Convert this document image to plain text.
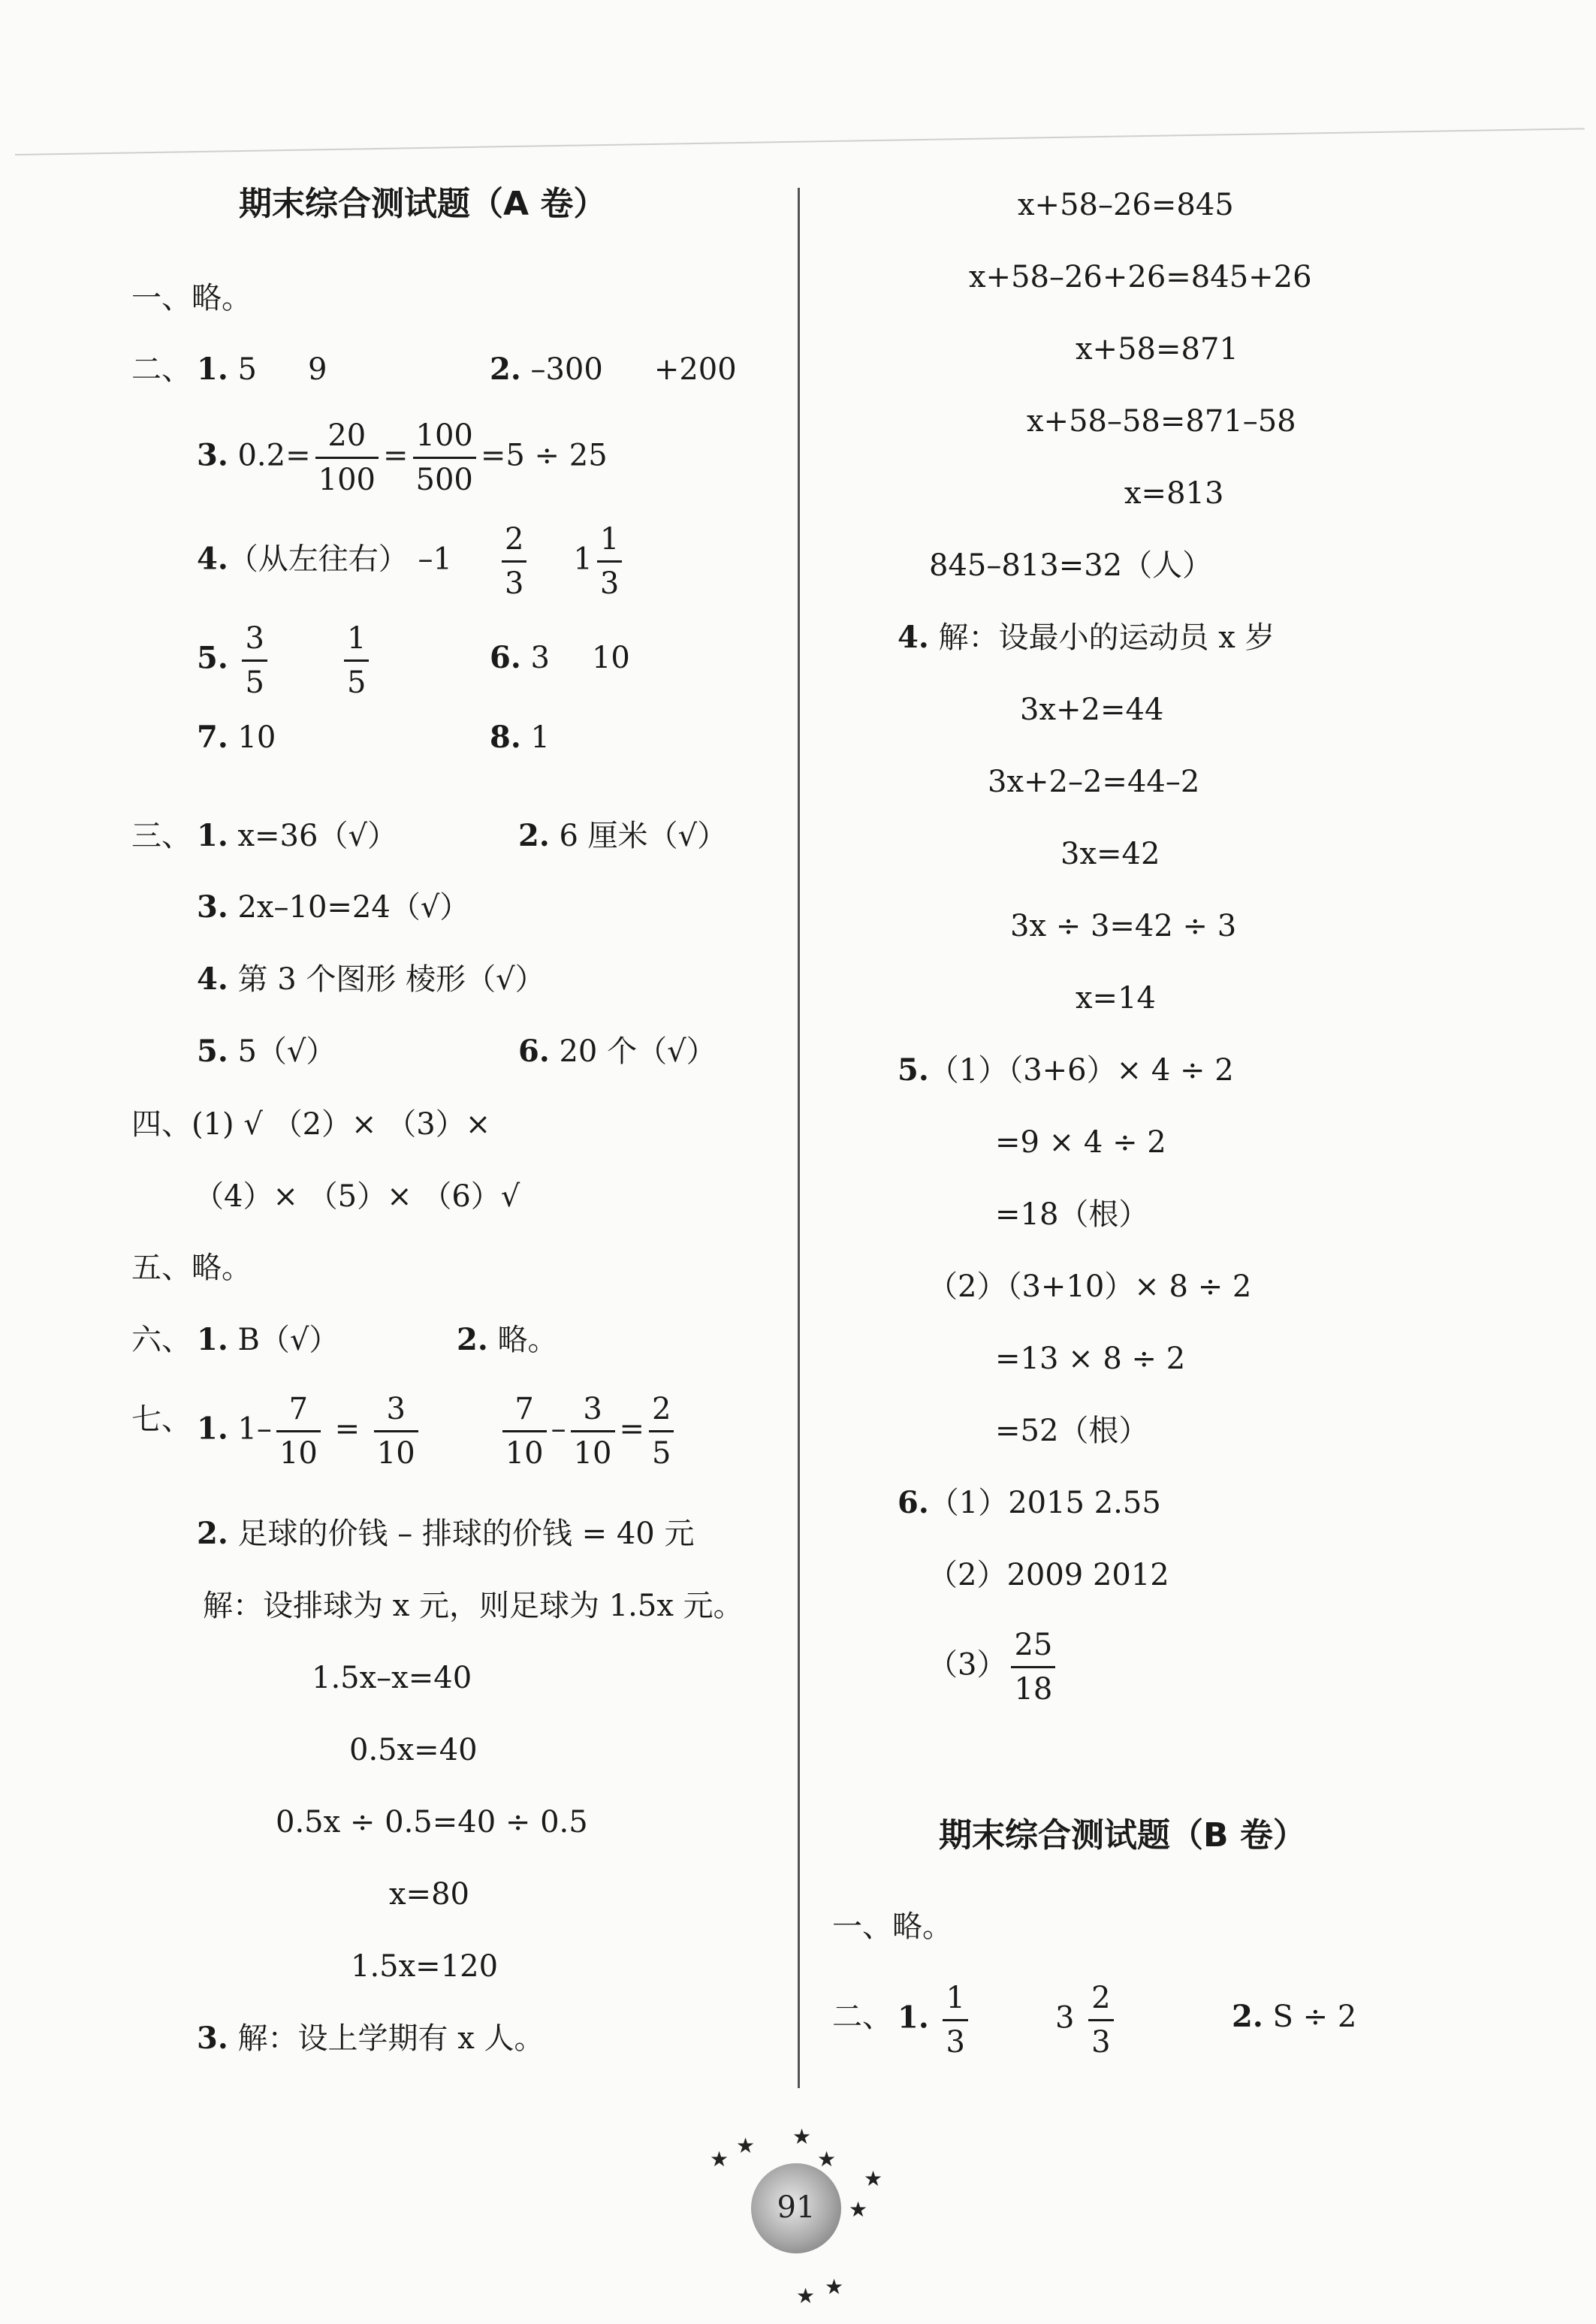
期末综合测试题（A 卷）
一、略。
二、 1. 5 9	2. –300 +200
3. $0.2= \frac{20}{100} = \frac{100}{500} =5 \div 25$
4.（从左往右） $-1 \frac{2}{3} 1 \frac{1}{3}$
5. $\frac{3}{5}$	$\frac{1}{5}$	6. 3 10
7. 10	8. 1
三、 1. x=36（√）	2. 6 厘米（√）
3. 2x–10=24（√）
4. 第 3 个图形 棱形（√）
5. 5（√）	6. 20 个（√）
四、(1) √ （2）× （3）×
（4）× （5）× （6）√
五、略。
六、 1. B（√）	2. 略。
七、 1. $1- \frac{7}{10} = \frac{3}{10}$	$\frac{7}{10} - \frac{3}{10} = \frac{2}{5}$
2. 足球的价钱 – 排球的价钱 = 40 元
解：设排球为 x 元，则足球为 1.5x 元。
1.5x–x=40
0.5x=40
0.5x ÷ 0.5=40 ÷ 0.5
x=80
1.5x=120
3. 解：设上学期有 x 人。
x+58–26=845
x+58–26+26=845+26
x+58=871
x+58–58=871–58
x=813
845–813=32（人）
4. 解：设最小的运动员 x 岁
3x+2=44
3x+2–2=44–2
3x=42
3x ÷ 3=42 ÷ 3
x=14
5.（1）（3+6）× 4 ÷ 2
=9 × 4 ÷ 2
=18（根）
（2）（3+10）× 8 ÷ 2
=13 × 8 ÷ 2
=52（根）
6.（1）2015 2.55
（2）2009 2012
$(3) \frac{25}{18}$
期末综合测试题（B 卷）
一、略。
二、 1. $\frac{1}{3}$	$3 \frac{2}{3}$	2. S ÷ 2
91
★
★ ★
★
★
★
★
★
